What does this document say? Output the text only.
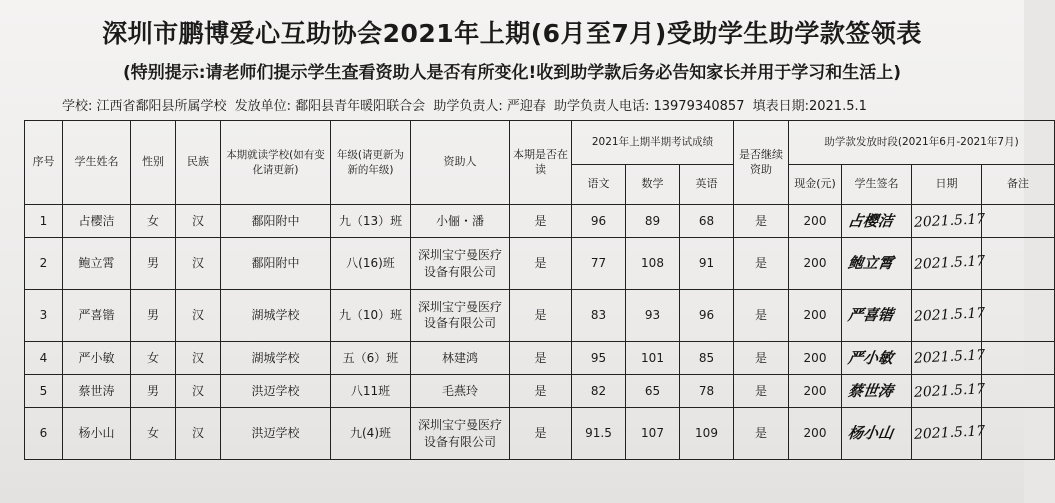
深圳市鹏博爱心互助协会2021年上期(6月至7月)受助学生助学款签领表
(特别提示:请老师们提示学生查看资助人是否有所变化!收到助学款后务必告知家长并用于学习和生活上)
学校: 江西省鄱阳县所属学校 发放单位: 鄱阳县青年暖阳联合会 助学负责人: 严迎春 助学负责人电话: 13979340857 填表日期:2021.5.1
序号	学生姓名	性别	民族	本期就读学校(如有变化请更新)	年级(请更新为新的年级)	资助人	本期是否在读	2021年上期半期考试成绩			是否继续资助	助学款发放时段(2021年6月-2021年7月)			
								语文	数学	英语		现金(元)	学生签名	日期	备注
1	占樱洁	女	汉	鄱阳附中	九（13）班	小俪・潘	是	96	89	68	是	200	占樱洁	2021.5.17	
2	鲍立霄	男	汉	鄱阳附中	八(16)班	深圳宝宁曼医疗设备有限公司	是	77	108	91	是	200	鲍立霄	2021.5.17	
3	严喜锴	男	汉	湖城学校	九（10）班	深圳宝宁曼医疗设备有限公司	是	83	93	96	是	200	严喜锴	2021.5.17	
4	严小敏	女	汉	湖城学校	五（6）班	林建鸿	是	95	101	85	是	200	严小敏	2021.5.17	
5	蔡世涛	男	汉	洪迈学校	八11班	毛燕玲	是	82	65	78	是	200	蔡世涛	2021.5.17	
6	杨小山	女	汉	洪迈学校	九(4)班	深圳宝宁曼医疗设备有限公司	是	91.5	107	109	是	200	杨小山	2021.5.17	
